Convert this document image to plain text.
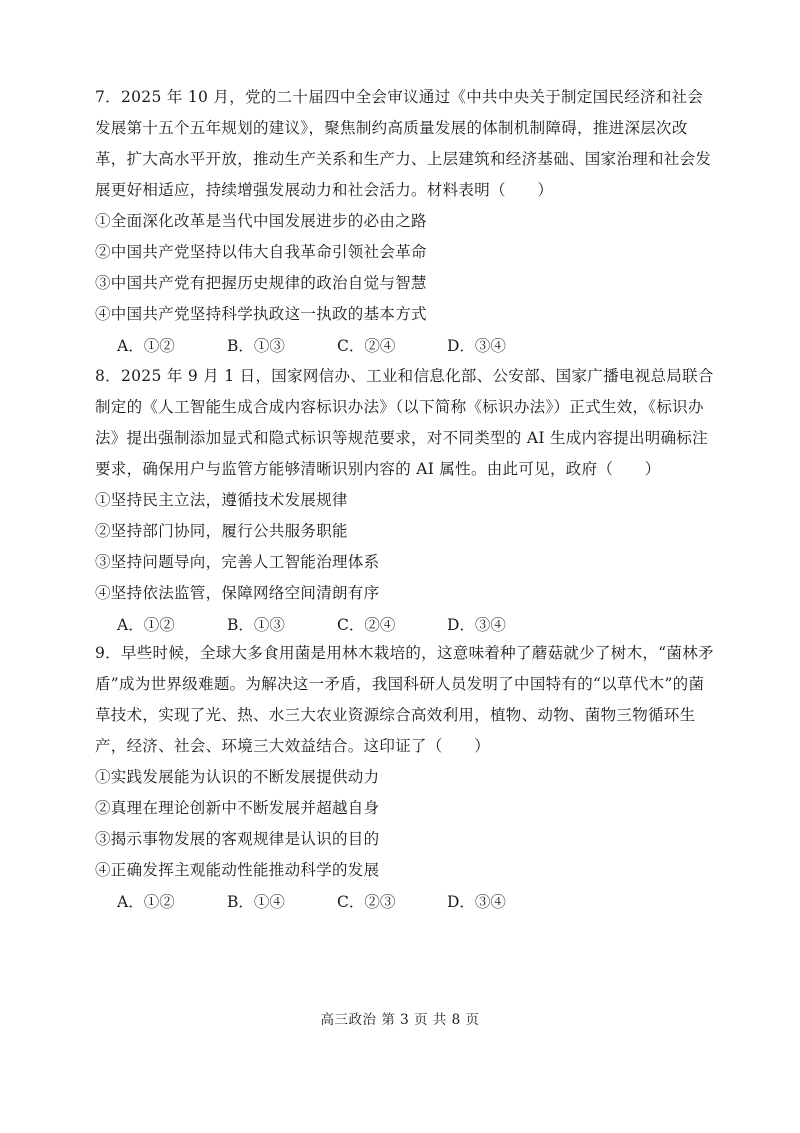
7．2025 年 10 月，党的二十届四中全会审议通过《中共中央关于制定国民经济和社会发展第十五个五年规划的建议》，聚焦制约高质量发展的体制机制障碍，推进深层次改革，扩大高水平开放，推动生产关系和生产力、上层建筑和经济基础、国家治理和社会发展更好相适应，持续增强发展动力和社会活力。材料表明（　　）

①全面深化改革是当代中国发展进步的必由之路

②中国共产党坚持以伟大自我革命引领社会革命

③中国共产党有把握历史规律的政治自觉与智慧

④中国共产党坚持科学执政这一执政的基本方式

A．①②	B．①③	C．②④	D．③④

8．2025 年 9 月 1 日，国家网信办、工业和信息化部、公安部、国家广播电视总局联合制定的《人工智能生成合成内容标识办法》（以下简称《标识办法》）正式生效，《标识办法》提出强制添加显式和隐式标识等规范要求，对不同类型的 AI 生成内容提出明确标注要求，确保用户与监管方能够清晰识别内容的 AI 属性。由此可见，政府（　　）

①坚持民主立法，遵循技术发展规律

②坚持部门协同，履行公共服务职能

③坚持问题导向，完善人工智能治理体系

④坚持依法监管，保障网络空间清朗有序

A．①②	B．①③	C．②④	D．③④

9．早些时候，全球大多食用菌是用林木栽培的，这意味着种了蘑菇就少了树木，“菌林矛盾”成为世界级难题。为解决这一矛盾，我国科研人员发明了中国特有的“以草代木”的菌草技术，实现了光、热、水三大农业资源综合高效利用，植物、动物、菌物三物循环生产，经济、社会、环境三大效益结合。这印证了（　　）

①实践发展能为认识的不断发展提供动力

②真理在理论创新中不断发展并超越自身

③揭示事物发展的客观规律是认识的目的

④正确发挥主观能动性能推动科学的发展

A．①②	B．①④	C．②③	D．③④
高三政治 第 3 页 共 8 页
